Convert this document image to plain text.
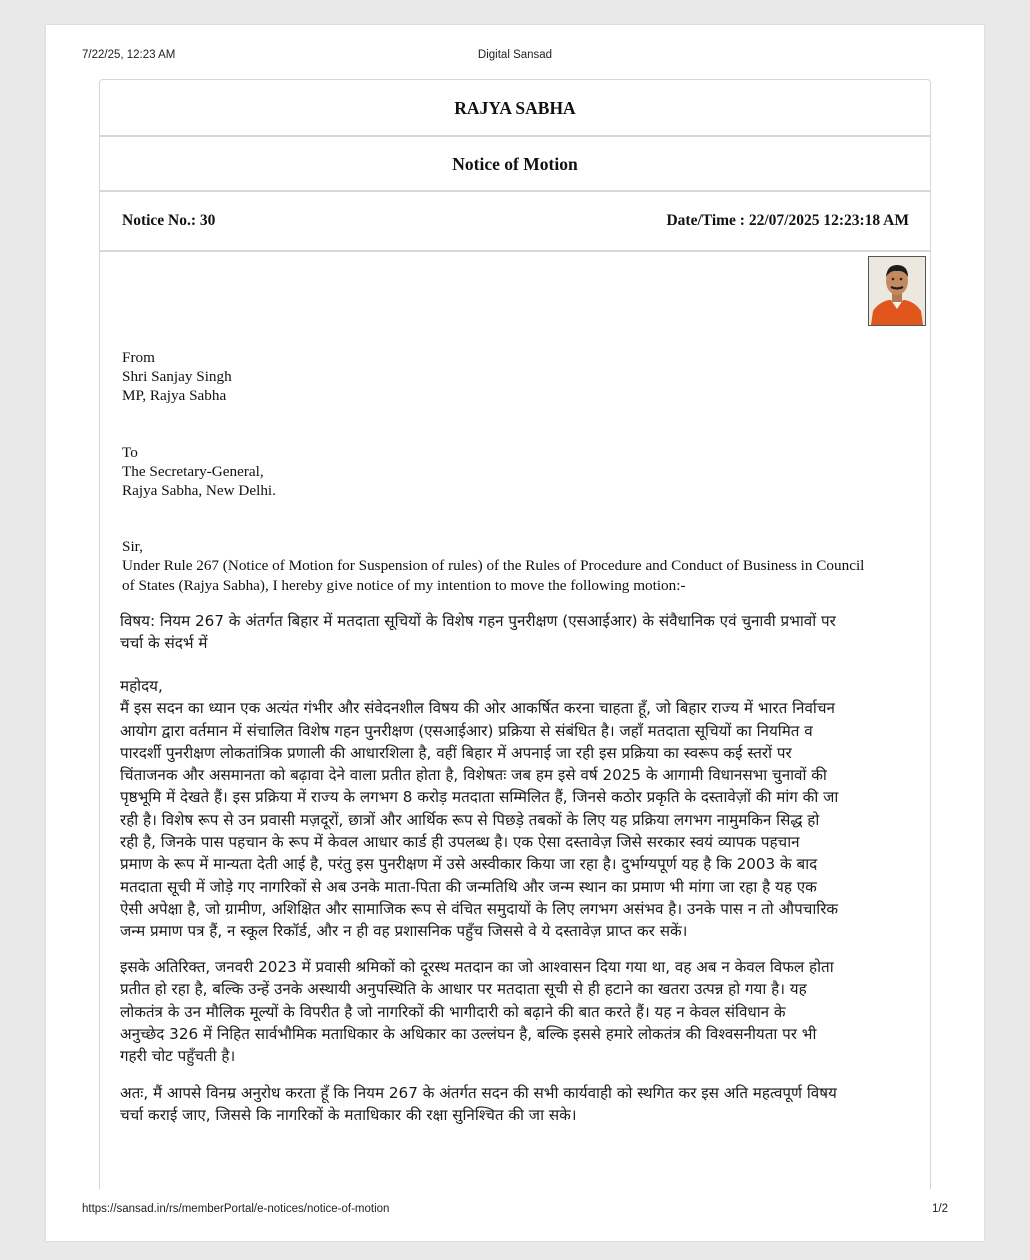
7/22/25, 12:23 AM	Digital Sansad
RAJYA SABHA
Notice of Motion
Notice No.: 30	Date/Time : 22/07/2025 12:23:18 AM
From
Shri Sanjay Singh
MP, Rajya Sabha
To
The Secretary-General,
Rajya Sabha, New Delhi.
Sir,
Under Rule 267 (Notice of Motion for Suspension of rules) of the Rules of Procedure and Conduct of Business in Council
of States (Rajya Sabha), I hereby give notice of my intention to move the following motion:-
विषय: नियम 267 के अंतर्गत बिहार में मतदाता सूचियों के विशेष गहन पुनरीक्षण (एसआईआर) के संवैधानिक एवं चुनावी प्रभावों पर
चर्चा के संदर्भ में
महोदय,
मैं इस सदन का ध्यान एक अत्यंत गंभीर और संवेदनशील विषय की ओर आकर्षित करना चाहता हूँ, जो बिहार राज्य में भारत निर्वाचन
आयोग द्वारा वर्तमान में संचालित विशेष गहन पुनरीक्षण (एसआईआर) प्रक्रिया से संबंधित है। जहाँ मतदाता सूचियों का नियमित व
पारदर्शी पुनरीक्षण लोकतांत्रिक प्रणाली की आधारशिला है, वहीं बिहार में अपनाई जा रही इस प्रक्रिया का स्वरूप कई स्तरों पर
चिंताजनक और असमानता को बढ़ावा देने वाला प्रतीत होता है, विशेषतः जब हम इसे वर्ष 2025 के आगामी विधानसभा चुनावों की
पृष्ठभूमि में देखते हैं। इस प्रक्रिया में राज्य के लगभग 8 करोड़ मतदाता सम्मिलित हैं, जिनसे कठोर प्रकृति के दस्तावेज़ों की मांग की जा
रही है। विशेष रूप से उन प्रवासी मज़दूरों, छात्रों और आर्थिक रूप से पिछड़े तबकों के लिए यह प्रक्रिया लगभग नामुमकिन सिद्ध हो
रही है, जिनके पास पहचान के रूप में केवल आधार कार्ड ही उपलब्ध है। एक ऐसा दस्तावेज़ जिसे सरकार स्वयं व्यापक पहचान
प्रमाण के रूप में मान्यता देती आई है, परंतु इस पुनरीक्षण में उसे अस्वीकार किया जा रहा है। दुर्भाग्यपूर्ण यह है कि 2003 के बाद
मतदाता सूची में जोड़े गए नागरिकों से अब उनके माता-पिता की जन्मतिथि और जन्म स्थान का प्रमाण भी मांगा जा रहा है यह एक
ऐसी अपेक्षा है, जो ग्रामीण, अशिक्षित और सामाजिक रूप से वंचित समुदायों के लिए लगभग असंभव है। उनके पास न तो औपचारिक
जन्म प्रमाण पत्र हैं, न स्कूल रिकॉर्ड, और न ही वह प्रशासनिक पहुँच जिससे वे ये दस्तावेज़ प्राप्त कर सकें।
इसके अतिरिक्त, जनवरी 2023 में प्रवासी श्रमिकों को दूरस्थ मतदान का जो आश्वासन दिया गया था, वह अब न केवल विफल होता
प्रतीत हो रहा है, बल्कि उन्हें उनके अस्थायी अनुपस्थिति के आधार पर मतदाता सूची से ही हटाने का खतरा उत्पन्न हो गया है। यह
लोकतंत्र के उन मौलिक मूल्यों के विपरीत है जो नागरिकों की भागीदारी को बढ़ाने की बात करते हैं। यह न केवल संविधान के
अनुच्छेद 326 में निहित सार्वभौमिक मताधिकार के अधिकार का उल्लंघन है, बल्कि इससे हमारे लोकतंत्र की विश्वसनीयता पर भी
गहरी चोट पहुँचती है।
अतः, मैं आपसे विनम्र अनुरोध करता हूँ कि नियम 267 के अंतर्गत सदन की सभी कार्यवाही को स्थगित कर इस अति महत्वपूर्ण विषय
चर्चा कराई जाए, जिससे कि नागरिकों के मताधिकार की रक्षा सुनिश्चित की जा सके।
https://sansad.in/rs/memberPortal/e-notices/notice-of-motion	1/2
